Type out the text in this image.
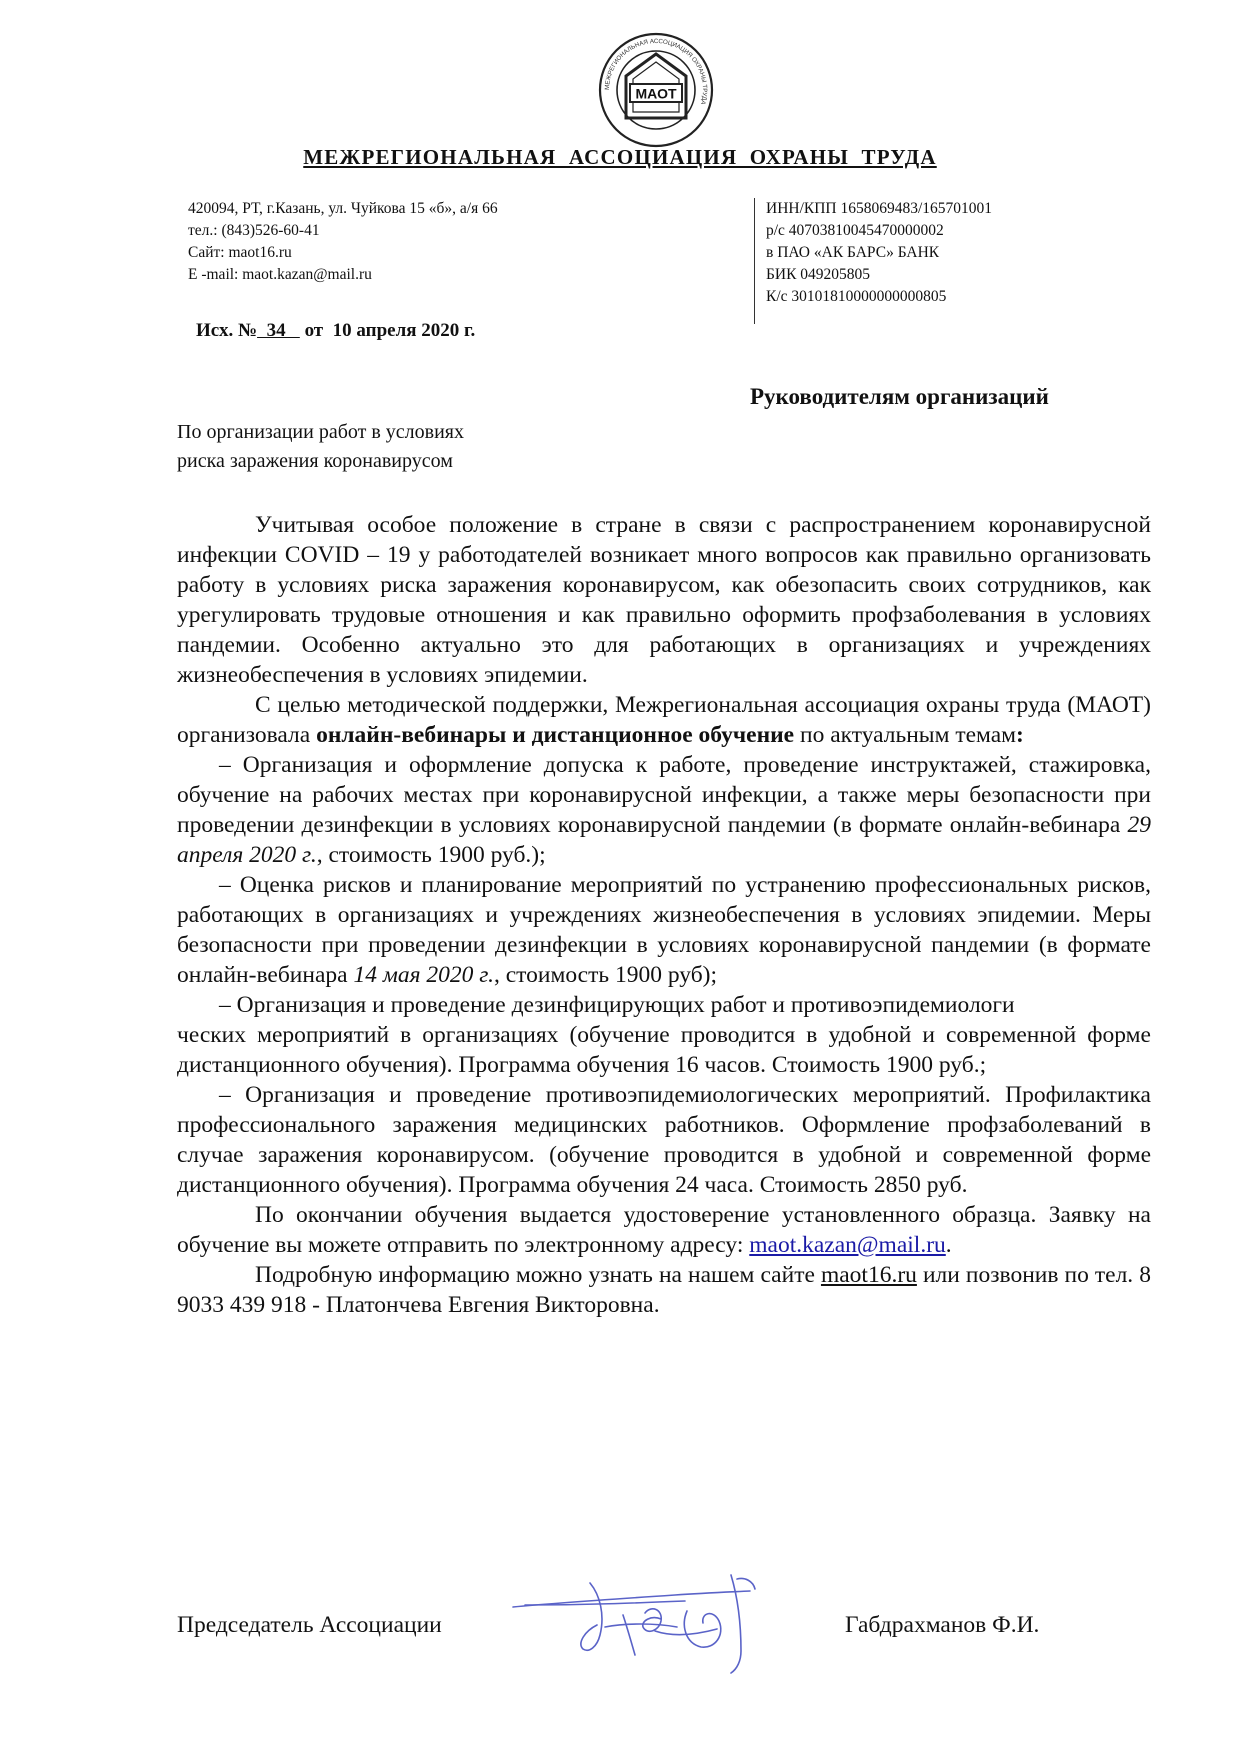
МЕЖРЕГИОНАЛЬНАЯ АССОЦИАЦИЯ ОХРАНЫ ТРУДА
МАОТ
МЕЖРЕГИОНАЛЬНАЯ АССОЦИАЦИЯ ОХРАНЫ ТРУДА
420094, РТ, г.Казань, ул. Чуйкова 15 «б», а/я 66
тел.: (843)526-60-41
Сайт: maot16.ru
E -mail: maot.kazan@mail.ru
ИНН/КПП 1658069483/165701001
р/с 40703810045470000002
в ПАО «АК БАРС» БАНК
БИК 049205805
К/с 30101810000000000805
Исх. №  34    от  10 апреля 2020 г.
Руководителям организаций
По организации работ в условиях
риска заражения коронавирусом

Учитывая особое положение в стране в связи с распространением коронавирусной инфекции COVID – 19 у работодателей возникает много вопросов как правильно организовать работу в условиях риска заражения коронавирусом, как обезопасить своих сотрудников, как урегулировать трудовые отношения и как правильно оформить профзаболевания в условиях пандемии. Особенно актуально это для работающих в организациях и учреждениях жизнеобеспечения в условиях эпидемии.

С целью методической поддержки, Межрегиональная ассоциация охраны труда (МАОТ) организовала онлайн-вебинары и дистанционное обучение по актуальным темам:

– Организация и оформление допуска к работе, проведение инструктажей, стажировка, обучение на рабочих местах при коронавирусной инфекции, а также меры безопасности при проведении дезинфекции в условиях коронавирусной пандемии (в формате онлайн-вебинара 29 апреля 2020 г., стоимость 1900 руб.);

– Оценка рисков и планирование мероприятий по устранению профессиональных рисков, работающих в организациях и учреждениях жизнеобеспечения в условиях эпидемии. Меры безопасности при проведении дезинфекции в условиях коронавирусной пандемии (в формате онлайн-вебинара 14 мая 2020 г., стоимость 1900 руб);

– Организация и проведение дезинфицирующих работ и противоэпидемиологи
ческих мероприятий в организациях (обучение проводится в удобной и современной форме дистанционного обучения). Программа обучения 16 часов. Стоимость 1900 руб.;

– Организация и проведение противоэпидемиологических мероприятий. Профилактика профессионального заражения медицинских работников. Оформление профзаболеваний в случае заражения коронавирусом. (обучение проводится в удобной и современной форме дистанционного обучения). Программа обучения 24 часа. Стоимость 2850 руб.

По окончании обучения выдается удостоверение установленного образца. Заявку на обучение вы можете отправить по электронному адресу: maot.kazan@mail.ru.

Подробную информацию можно узнать на нашем сайте maot16.ru или позвонив по тел. 8 9033 439 918 - Платончева Евгения Викторовна.

Председатель Ассоциации	Габдрахманов Ф.И.
